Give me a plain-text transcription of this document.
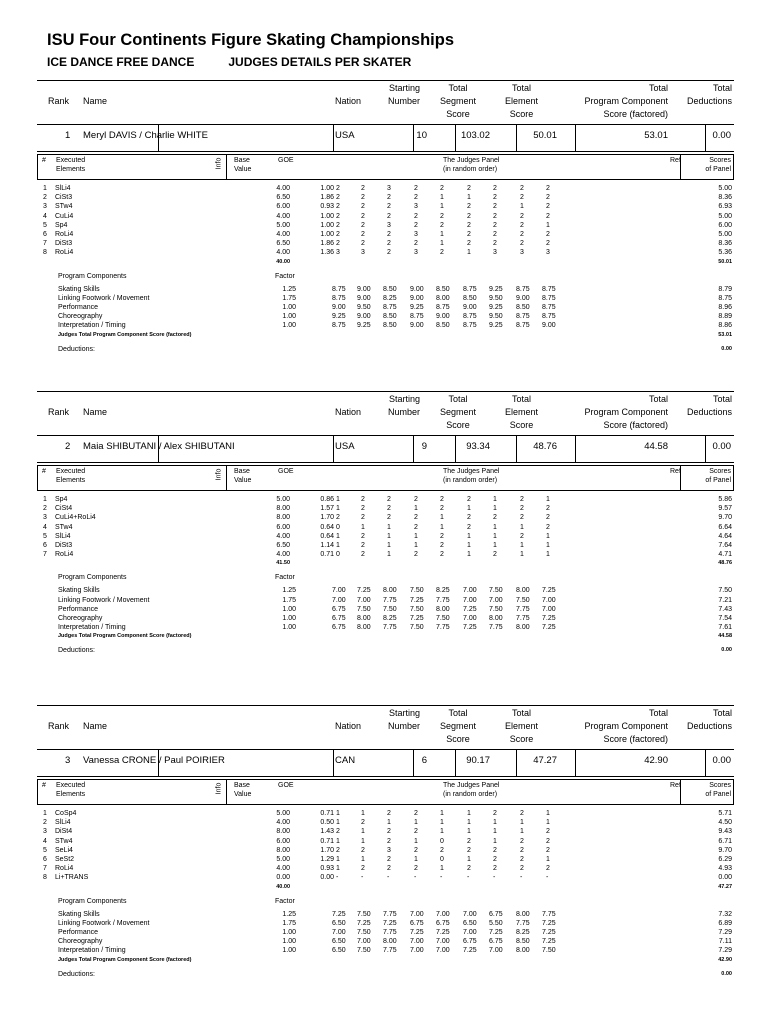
ISU Four Continents Figure Skating Championships
ICE DANCE FREE DANCE	JUDGES DETAILS PER SKATER
Rank Name	Nation
Starting
Number
Total
Segment
Score
Total
Element
Score
Total
Program Component
Score (factored)
Total
Deductions
1 Meryl DAVIS / Charlie WHITE	USA	10	103.02	50.01	53.01	0.00
# Executed
Elements
Info Base
Value
GOE	The Judges Panel
(in random order)
Ref	Scores
of Panel
1 SlLi4	4.00	1.00 2	2	3	2	2	2	2	2	2	5.00
2 CiSt3	6.50	1.86 2	2	2	2	1	1	2	2	2	8.36
3 STw4	6.00	0.93 2	2	2	3	1	2	2	1	2	6.93
4 CuLi4	4.00	1.00 2	2	2	2	2	2	2	2	2	5.00
5 Sp4	5.00	1.00 2	2	3	2	2	2	2	2	1	6.00
6 RoLi4	4.00	1.00 2	2	2	3	1	2	2	2	2	5.00
7 DiSt3	6.50	1.86 2	2	2	2	1	2	2	2	2	8.36
8 RoLi4	4.00	1.36 3	3	2	3	2	1	3	3	3	5.36
40.00	50.01
Program Components	Factor
Skating Skills	1.25	8.75 9.00 8.50 9.00 8.50 8.75 9.25 8.75 8.75	8.79
Linking Footwork / Movement	1.75	8.75 9.00 8.25 9.00 8.00 8.50 9.50 9.00 8.75	8.75
Performance	1.00	9.00 9.50 8.75 9.25 8.75 9.00 9.25 8.50 8.75	8.96
Choreography	1.00	9.25 9.00 8.50 8.75 9.00 8.75 9.50 8.75 8.75	8.89
Interpretation / Timing	1.00	8.75 9.25 8.50 9.00 8.50 8.75 9.25 8.75 9.00	8.86
Judges Total Program Component Score (factored)	53.01
Deductions:	0.00
Rank Name	Nation
Starting
Number
Total
Segment
Score
Total
Element
Score
Total
Program Component
Score (factored)
Total
Deductions
2 Maia SHIBUTANI / Alex SHIBUTANI	USA	9	93.34	48.76	44.58	0.00
# Executed
Elements
Info Base
Value
GOE	The Judges Panel
(in random order)
Ref	Scores
of Panel
1 Sp4	5.00	0.86 1	2	2	2	2	2	1	2	1	5.86
2 CiSt4	8.00	1.57 1	2	2	1	2	1	1	2	2	9.57
3 CuLi4+RoLi4	8.00	1.70 2	2	2	2	1	2	2	2	2	9.70
4 STw4	6.00	0.64 0	1	1	2	1	2	1	1	2	6.64
5 SlLi4	4.00	0.64 1	2	1	1	2	1	1	2	1	4.64
6 DiSt3	6.50	1.14 1	2	1	1	2	1	1	1	1	7.64
7 RoLi4	4.00	0.71 0	2	1	2	2	1	2	1	1	4.71
41.50	48.76
Program Components	Factor
Skating Skills	1.25	7.00 7.25 8.00 7.50 8.25 7.00 7.50 8.00 7.25	7.50
Linking Footwork / Movement	1.75	7.00 7.00 7.75 7.25 7.75 7.00 7.00 7.50 7.00	7.21
Performance	1.00	6.75 7.50 7.50 7.50 8.00 7.25 7.50 7.75 7.00	7.43
Choreography	1.00	6.75 8.00 8.25 7.25 7.50 7.00 8.00 7.75 7.25	7.54
Interpretation / Timing	1.00	6.75 8.00 7.75 7.50 7.75 7.25 7.75 8.00 7.25	7.61
Judges Total Program Component Score (factored)	44.58
Deductions:	0.00
Rank Name	Nation
Starting
Number
Total
Segment
Score
Total
Element
Score
Total
Program Component
Score (factored)
Total
Deductions
3 Vanessa CRONE / Paul POIRIER	CAN	6	90.17	47.27	42.90	0.00
# Executed
Elements
Info Base
Value
GOE	The Judges Panel
(in random order)
Ref	Scores
of Panel
1 CoSp4	5.00	0.71 1	1	2	2	1	1	2	2	1	5.71
2 SlLi4	4.00	0.50 1	2	1	1	1	1	1	1	1	4.50
3 DiSt4	8.00	1.43 2	1	2	2	1	1	1	1	2	9.43
4 STw4	6.00	0.71 1	1	2	1	0	2	1	2	2	6.71
5 SeLi4	8.00	1.70 2	2	3	2	2	2	2	2	2	9.70
6 SeSt2	5.00	1.29 1	1	2	1	0	1	2	2	1	6.29
7 RoLi4	4.00	0.93 1	2	2	2	1	2	2	2	2	4.93
8 Li+TRANS	0.00	0.00 -	-	-	-	-	-	-	-	-	0.00
40.00	47.27
Program Components	Factor
Skating Skills	1.25	7.25 7.50 7.75 7.00 7.00 7.00 6.75 8.00 7.75	7.32
Linking Footwork / Movement	1.75	6.50 7.25 7.25 6.75 6.75 6.50 5.50 7.75 7.25	6.89
Performance	1.00	7.00 7.50 7.75 7.25 7.25 7.00 7.25 8.25 7.25	7.29
Choreography	1.00	6.50 7.00 8.00 7.00 7.00 6.75 6.75 8.50 7.25	7.11
Interpretation / Timing	1.00	6.50 7.50 7.75 7.00 7.00 7.25 7.00 8.00 7.50	7.29
Judges Total Program Component Score (factored)	42.90
Deductions:	0.00
